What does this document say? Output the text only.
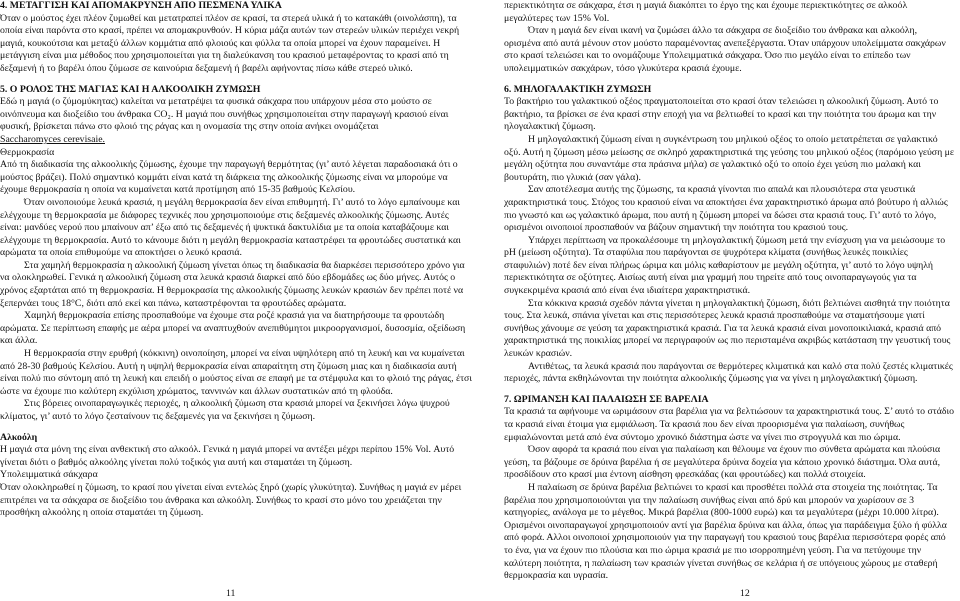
4. ΜΕΤΑΓΓΙΣΗ ΚΑΙ ΑΠΟΜΑΚΡΥΝΣΗ ΑΠΟ ΠΕΣΜΕΝΑ ΥΛΙΚΑ

Όταν ο μούστος έχει πλέον ζυμωθεί και μετατραπεί πλέον σε κρασί, τα στερεά υλικά ή το κατακάθι (οινολάσπη), τα οποία είναι παρόντα στο κρασί, πρέπει να απομακρυνθούν. Η κύρια μάζα αυτών των στερεών υλικών περιέχει νεκρή μαγιά, κουκούτσια και μεταξύ άλλων κομμάτια από φλοιούς και φύλλα τα οποία μπορεί να έχουν παραμείνει. Η μετάγγιση είναι μια μέθοδος που χρησιμοποιείται για τη διαλεύκανση του κρασιού μεταφέροντας το κρασί από τη δεξαμενή ή το βαρέλι όπου ζύμωσε σε καινούρια δεξαμενή ή βαρέλι αφήνοντας πίσω κάθε στερεό υλικό.

5. Ο ΡΟΛΟΣ ΤΗΣ ΜΑΓΙΑΣ ΚΑΙ Η ΑΛΚΟΟΛΙΚΗ ΖΥΜΩΣΗ

Εδώ η μαγιά (ο ζύμομύκητας) καλείται να μετατρέψει τα φυσικά σάκχαρα που υπάρχουν μέσα στο μούστο σε οινόπνευμα και διοξείδιο του άνθρακα CO₂. Η μαγιά που συνήθως χρησιμοποιείται στην παραγωγή κρασιού είναι φυσική, βρίσκεται πάνω στο φλοιό της ράγας και η ονομασία της στην οποία ανήκει ονομάζεται

Saccharomyces cerevisaie.

Θερμοκρασία

Από τη διαδικασία της αλκοολικής ζύμωσης, έχουμε την παραγωγή θερμότητας (γι’ αυτό λέγεται παραδοσιακά ότι ο μούστος βράζει). Πολύ σημαντικό κομμάτι είναι κατά τη διάρκεια της αλκοολικής ζύμωσης είναι να μπορούμε να έχουμε θερμοκρασία η οποία να κυμαίνεται κατά προτίμηση από 15-35 βαθμούς Κελσίου.

Όταν οινοποιούμε λευκά κρασιά, η μεγάλη θερμοκρασία δεν είναι επιθυμητή. Γι’ αυτό το λόγο εμπαίνουμε και ελέγχουμε τη θερμοκρασία με διάφορες τεχνικές που χρησιμοποιούμε στις δεξαμενές αλκοολικής ζύμωσης. Αυτές είναι: μανδύες νερού που μπαίνουν απ’ έξω από τις δεξαμενές ή ψυκτικά δακτυλίδια με τα οποία καταβάζουμε και ελέγχουμε τη θερμοκρασία. Αυτό το κάνουμε διότι η μεγάλη θερμοκρασία καταστρέφει τα φρουτώδες συστατικά και αρώματα τα οποία επιθυμούμε να αποκτήσει ο λευκό κρασιά.

Στα χαμηλή θερμοκρασία η αλκοολική ζύμωση γίνεται όπως τη διαδικασία θα διαρκέσει περισσότερο χρόνο για να ολοκληρωθεί. Γενικά η αλκοολική ζύμωση στα λευκά κρασιά διαρκεί από δύο εβδομάδες ως δύο μήνες. Αυτός ο χρόνος εξαρτάται από τη θερμοκρασία. Η θερμοκρασία της αλκοολικής ζύμωσης λευκών κρασιών δεν πρέπει ποτέ να ξεπερνάει τους 18°C, διότι από εκεί και πάνω, καταστρέφονται τα φρουτώδες αρώματα.

Χαμηλή θερμοκρασία επίσης προσπαθούμε να έχουμε στα ροζέ κρασιά για να διατηρήσουμε τα φρουτώδη αρώματα. Σε περίπτωση επαφής με αέρα μπορεί να αναπτυχθούν ανεπιθύμητοι μικροοργανισμοί, δυσοσμία, οξείδωση και άλλα.

Η θερμοκρασία στην ερυθρή (κόκκινη) οινοποίηση, μπορεί να είναι υψηλότερη από τη λευκή και να κυμαίνεται από 28-30 βαθμούς Κελσίου. Αυτή η υψηλή θερμοκρασία είναι απαραίτητη στη ζύμωση μιας και η διαδικασία αυτή είναι πολύ πιο σύντομη από τη λευκή και επειδή ο μούστος είναι σε επαφή με τα στέμφυλα και το φλοιό της ράγας, έτσι ώστε να έχουμε πιο καλύτερη εκχύλιση χρώματος, ταννινών και άλλων συστατικών από τη φλούδα.

Στις βόρειες οινοπαραγωγικές περιοχές, η αλκοολική ζύμωση στα κρασιά μπορεί να ξεκινήσει λόγω ψυχρού κλίματος, γι’ αυτό το λόγο ζεσταίνουν τις δεξαμενές για να ξεκινήσει η ζύμωση.

Αλκοόλη

Η μαγιά στα μόνη της είναι ανθεκτική στο αλκοόλ. Γενικά η μαγιά μπορεί να αντέξει μέχρι περίπου 15% Vol. Αυτό γίνεται διότι ο βαθμός αλκοόλης γίνεται πολύ τοξικός για αυτή και σταματάει τη ζύμωση.

Υπολειμματικά σάκχαρα

Όταν ολοκληρωθεί η ζύμωση, το κρασί που γίνεται είναι εντελώς ξηρό (χωρίς γλυκύτητα). Συνήθως η μαγιά εν μέρει επιτρέπει να τα σάκχαρα σε διοξείδιο του άνθρακα και αλκοόλη. Συνήθως το κρασί στο μόνο του χρειάζεται την προσθήκη αλκοόλης η οποία σταματάει τη ζύμωση.

11

περιεκτικότητα σε σάκχαρα, έτσι η μαγιά διακόπτει το έργο της και έχουμε περιεκτικότητες σε αλκοόλ μεγαλύτερες των 15% Vol.

Όταν η μαγιά δεν είναι ικανή να ζυμώσει άλλο τα σάκχαρα σε διοξείδιο του άνθρακα και αλκοόλη, ορισμένα από αυτά μένουν στον μούστο παραμένοντας ανεπεξέργαστα. Όταν υπάρχουν υπολείμματα σακχάρων στο κρασί τελειώσει και το ονομάζουμε Υπολειμματικά σάκχαρα. Όσο πιο μεγάλο είναι το επίπεδο των υπολειμματικών σακχάρων, τόσο γλυκύτερα κρασιά έχουμε.

6. ΜΗΛΟΓΑΛΑΚΤΙΚΗ ΖΥΜΩΣΗ

Το βακτήριο του γαλακτικού οξέος πραγματοποιείται στο κρασί όταν τελειώσει η αλκοολική ζύμωση. Αυτό το βακτήριο, τα βρίσκει σε ένα κρασί στην εποχή για να βελτιωθεί το κρασί και την ποιότητα του άρωμα και την ηλογαλακτική ζύμωση.

Η μηλογαλακτική ζύμωση είναι η συγκέντρωση του μηλικού οξέος το οποίο μετατρέπεται σε γαλακτικό οξύ. Αυτή η ζύμωση μέσω μείωσης σε σκληρό χαρακτηριστικά της γεύσης του μηλικού οξέος (παρόμοιο γεύση με μεγάλη οξύτητα που συναντάμε στα πράσινα μήλα) σε γαλακτικό οξύ το οποίο έχει γεύση πιο μαλακή και βουτυράτη, πιο γλυκιά (σαν γάλα).

Σαν αποτέλεσμα αυτής της ζύμωσης, τα κρασιά γίνονται πιο απαλά και πλουσιότερα στα γευστικά χαρακτηριστικά τους. Στόχος του κρασιού είναι να αποκτήσει ένα χαρακτηριστικό άρωμα από βούτυρο ή αλλιώς πιο γνωστό και ως γαλακτικό άρωμα, που αυτή η ζύμωση μπορεί να δώσει στα κρασιά τους. Γι’ αυτό το λόγο, ορισμένοι οινοποιοί προσπαθούν να βάζουν σημαντική την ποιότητα του κρασιού τους.

Υπάρχει περίπτωση να προκαλέσουμε τη μηλογαλακτική ζύμωση μετά την ενίσχυση για να μειώσουμε το pH (μείωση οξύτητα). Τα σταφύλια που παράγονται σε ψυχρότερα κλίματα (συνήθως λευκές ποικιλίες σταφυλιών) ποτέ δεν είναι πλήρως ώριμα και μόλις καθαρίστουν με μεγάλη οξύτητα, γι’ αυτό το λόγο υψηλή περιεκτικότητα σε οξύτητες. Αισίως αυτή είναι μια γραμμή που τηρείτε από τους οινοπαραγωγούς για τα συγκεκριμένα κρασιά από είναι ένα ιδιαίτερα χαρακτηριστικά.

Στα κόκκινα κρασιά σχεδόν πάντα γίνεται η μηλογαλακτική ζύμωση, διότι βελτιώνει αισθητά την ποιότητα τους. Στα λευκά, σπάνια γίνεται και στις περισσότερες λευκά κρασιά προσπαθούμε να σταματήσουμε γιατί συνήθως χάνουμε σε γεύση τα χαρακτηριστικά κρασιά. Για τα λευκά κρασιά είναι μονοποικιλιακά, κρασιά από χαρακτηριστικά της ποικιλίας μπορεί να περιγραφούν ως πιο περισταμένα ακριβώς κατάσταση την γευστική τους λευκών κρασιών.

Αντιθέτως, τα λευκά κρασιά που παράγονται σε θερμότερες κλιματικά και καλό στα πολύ ζεστές κλιματικές περιοχές, πάντα εκθηλώνονται την ποιότητα αλκοολικής ζύμωσης για να γίνει η μηλογαλακτική ζύμωση.

7. ΩΡΙΜΑΝΣΗ ΚΑΙ ΠΑΛΑΙΩΣΗ ΣΕ ΒΑΡΕΛΙΑ

Τα κρασιά τα αφήνουμε να ωριμάσουν στα βαρέλια για να βελτιώσουν τα χαρακτηριστικά τους. Σ’ αυτό το στάδιο τα κρασιά είναι έτοιμα για εμφιάλωση. Τα κρασιά που δεν είναι προορισμένα για παλαίωση, συνήθως εμφιαλώνονται μετά από ένα σύντομο χρονικό διάστημα ώστε να γίνει πιο στρογγυλά και πιο ώριμα.

Όσον αφορά τα κρασιά που είναι για παλαίωση και θέλουμε να έχουν πιο σύνθετα αρώματα και πλούσια γεύση, τα βάζουμε σε δρύινα βαρέλια ή σε μεγαλύτερα δρύινα δοχεία για κάποιο χρονικό διάστημα. Όλα αυτά, προσδίδουν στο κρασί μια έντονη αίσθηση φρεσκάδας (και φρουτώδες) και πολλά στοιχεία.

Η παλαίωση σε δρύινα βαρέλια βελτιώνει το κρασί και προσθέτει πολλά στα στοιχεία της ποιότητας. Τα βαρέλια που χρησιμοποιούνται για την παλαίωση συνήθως είναι από δρύ και μπορούν να χωρίσουν σε 3 κατηγορίες, ανάλογα με το μέγεθος. Μικρά βαρέλια (800-1000 ευρώ) και τα μεγαλύτερα (μέχρι 10.000 λίτρα). Ορισμένοι οινοπαραγωγοί χρησιμοποιούν αντί για βαρέλια δρύινα και άλλα, όπως για παράδειγμα ξύλο ή φύλλα από φορά. Αλλοι οινοποιοί χρησιμοποιούν για την παραγωγή του κρασιού τους βαρέλια περισσότερα φορές από το ένα, για να έχουν πιο πλούσια και πιο ώριμα κρασιά με πιο ισορροπημένη γεύση. Για να πετύχουμε την καλύτερη ποιότητα, η παλαίωση των κρασιών γίνεται συνήθως σε κελάρια ή σε υπόγειους χώρους με σταθερή θερμοκρασία και υγρασία.

12
